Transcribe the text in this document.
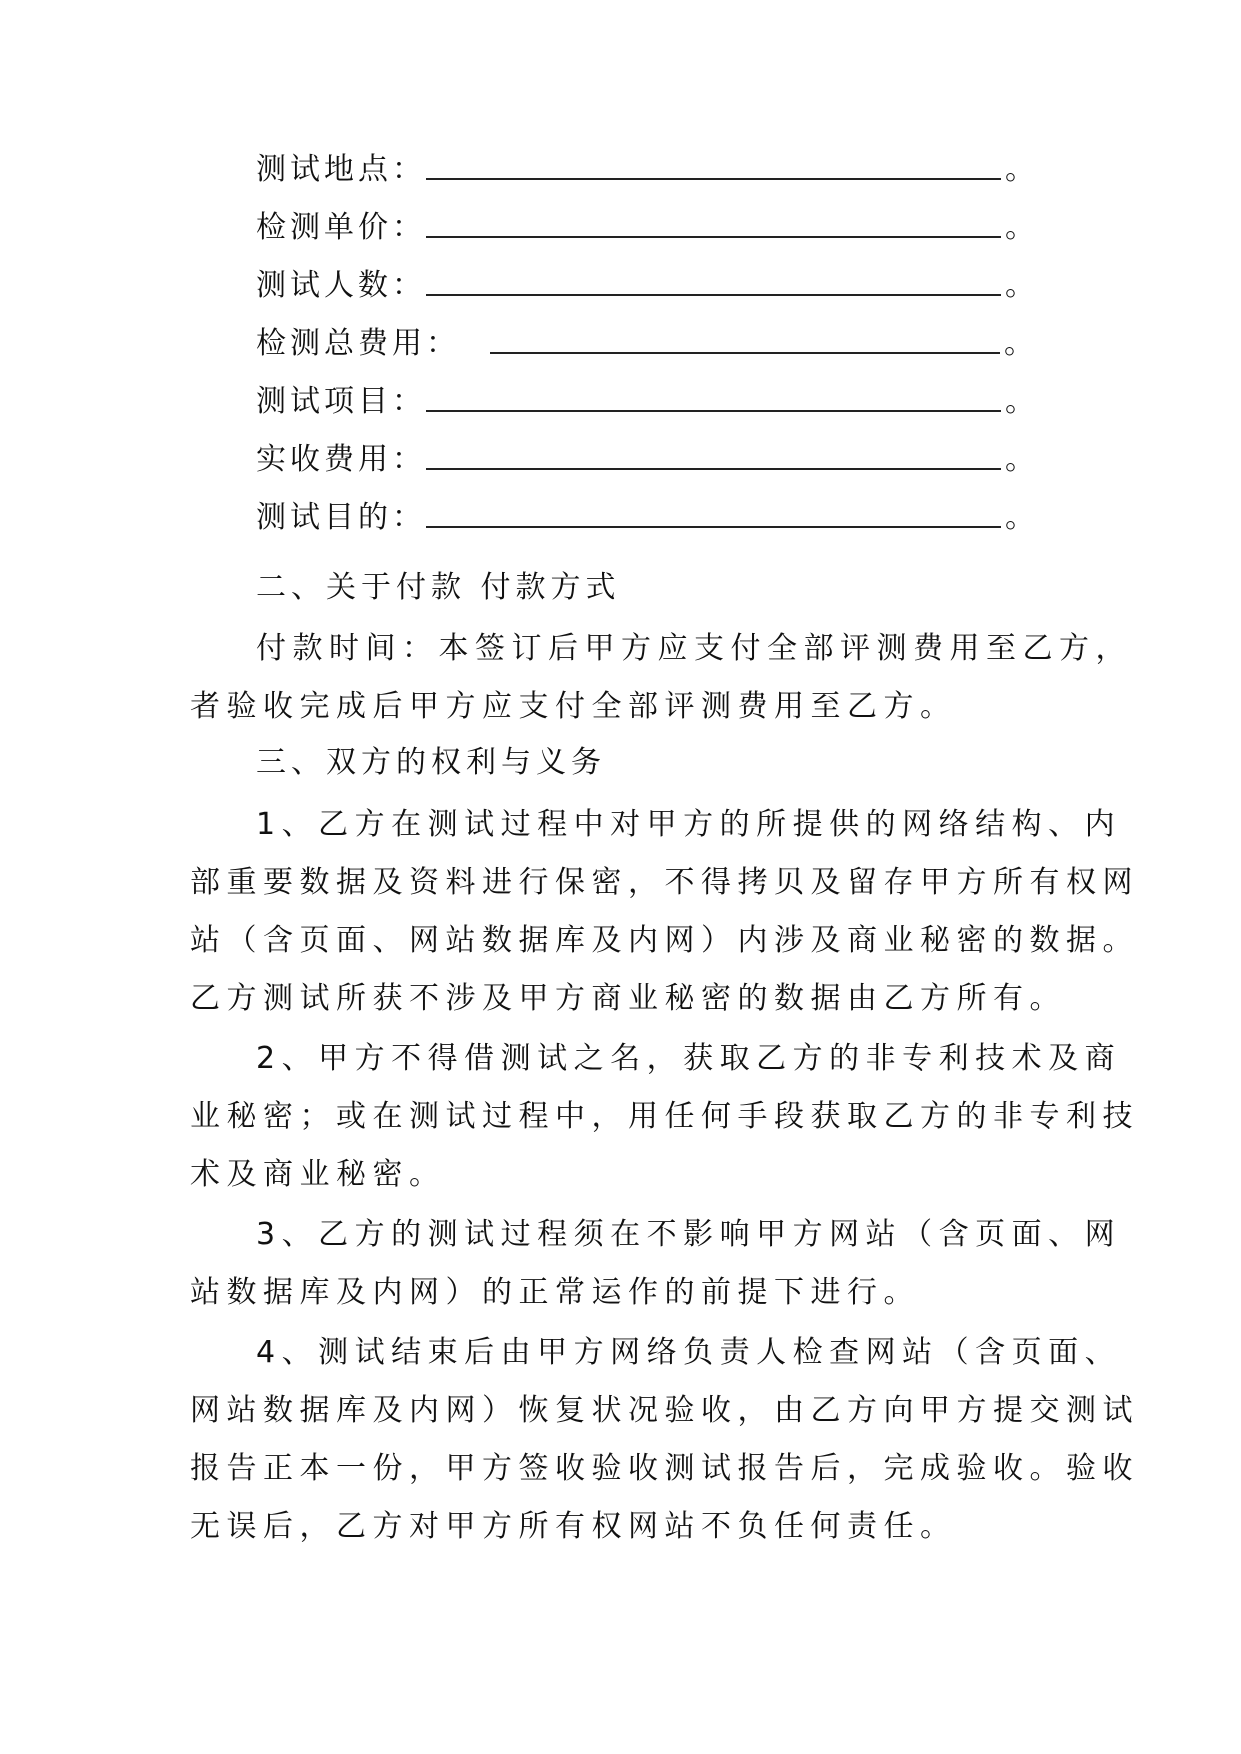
测试地点：	。
检测单价：	。
测试人数：	。
检测总费用：	。
测试项目：	。
实收费用：	。
测试目的：	。
二、关于付款 付款方式
付款时间：本签订后甲方应支付全部评测费用至乙方，
者验收完成后甲方应支付全部评测费用至乙方。
三、双方的权利与义务
1、乙方在测试过程中对甲方的所提供的网络结构、内
部重要数据及资料进行保密，不得拷贝及留存甲方所有权网
站（含页面、网站数据库及内网）内涉及商业秘密的数据。
乙方测试所获不涉及甲方商业秘密的数据由乙方所有。
2、甲方不得借测试之名，获取乙方的非专利技术及商
业秘密；或在测试过程中，用任何手段获取乙方的非专利技
术及商业秘密。
3、乙方的测试过程须在不影响甲方网站（含页面、网
站数据库及内网）的正常运作的前提下进行。
4、测试结束后由甲方网络负责人检查网站（含页面、
网站数据库及内网）恢复状况验收，由乙方向甲方提交测试
报告正本一份，甲方签收验收测试报告后，完成验收。验收
无误后，乙方对甲方所有权网站不负任何责任。
